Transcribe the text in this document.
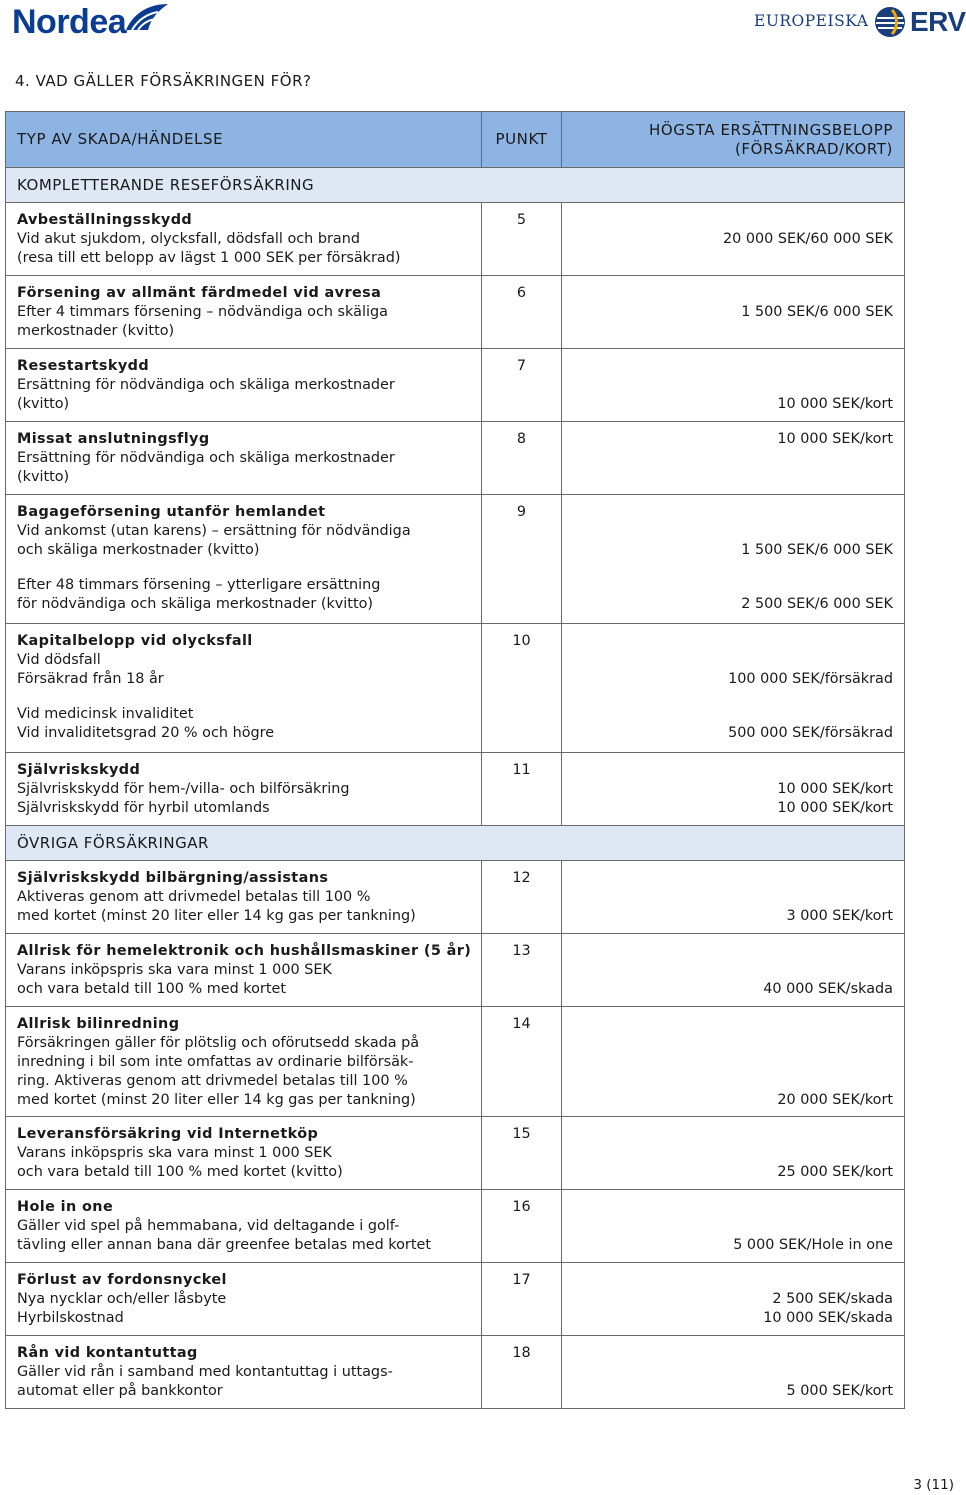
Nordea	EUROPEISKA ERV
4. VAD GÄLLER FÖRSÄKRINGEN FÖR?
TYP AV SKADA/HÄNDELSE	PUNKT	HÖGSTA ERSÄTTNINGSBELOPP
(FÖRSÄKRAD/KORT)
KOMPLETTERANDE RESEFÖRSÄKRING		

Avbeställningsskydd
Vid akut sjukdom, olycksfall, dödsfall och brand
(resa till ett belopp av lägst 1 000 SEK per försäkrad)	5	20 000 SEK/60 000 SEK

Försening av allmänt färdmedel vid avresa
Efter 4 timmars försening – nödvändiga och skäliga
merkostnader (kvitto)	6	1 500 SEK/6 000 SEK

Resestartskydd
Ersättning för nödvändiga och skäliga merkostnader
(kvitto)	7	10 000 SEK/kort

Missat anslutningsflyg
Ersättning för nödvändiga och skäliga merkostnader
(kvitto)	8	10 000 SEK/kort

Bagageförsening utanför hemlandet
Vid ankomst (utan karens) – ersättning för nödvändiga
och skäliga merkostnader (kvitto)	9	1 500 SEK/6 000 SEK

Efter 48 timmars försening – ytterligare ersättning
för nödvändiga och skäliga merkostnader (kvitto)		2 500 SEK/6 000 SEK

Kapitalbelopp vid olycksfall
Vid dödsfall
Försäkrad från 18 år	10	100 000 SEK/försäkrad

Vid medicinsk invaliditet
Vid invaliditetsgrad 20 % och högre		500 000 SEK/försäkrad

Självriskskydd
Självriskskydd för hem-/villa- och bilförsäkring
Självriskskydd för hyrbil utomlands	11	10 000 SEK/kort
10 000 SEK/kort

ÖVRIGA FÖRSÄKRINGAR		

Självriskskydd bilbärgning/assistans
Aktiveras genom att drivmedel betalas till 100 %
med kortet (minst 20 liter eller 14 kg gas per tankning)	12	3 000 SEK/kort

Allrisk för hemelektronik och hushållsmaskiner (5 år)
Varans inköpspris ska vara minst 1 000 SEK
och vara betald till 100 % med kortet	13	40 000 SEK/skada

Allrisk bilinredning
Försäkringen gäller för plötslig och oförutsedd skada på
inredning i bil som inte omfattas av ordinarie bilförsäk-
ring. Aktiveras genom att drivmedel betalas till 100 %
med kortet (minst 20 liter eller 14 kg gas per tankning)	14	20 000 SEK/kort

Leveransförsäkring vid Internetköp
Varans inköpspris ska vara minst 1 000 SEK
och vara betald till 100 % med kortet (kvitto)	15	25 000 SEK/kort

Hole in one
Gäller vid spel på hemmabana, vid deltagande i golf-
tävling eller annan bana där greenfee betalas med kortet	16	5 000 SEK/Hole in one

Förlust av fordonsnyckel
Nya nycklar och/eller låsbyte
Hyrbilskostnad	17	2 500 SEK/skada
10 000 SEK/skada

Rån vid kontantuttag
Gäller vid rån i samband med kontantuttag i uttags-
automat eller på bankkontor	18	5 000 SEK/kort
3 (11)
